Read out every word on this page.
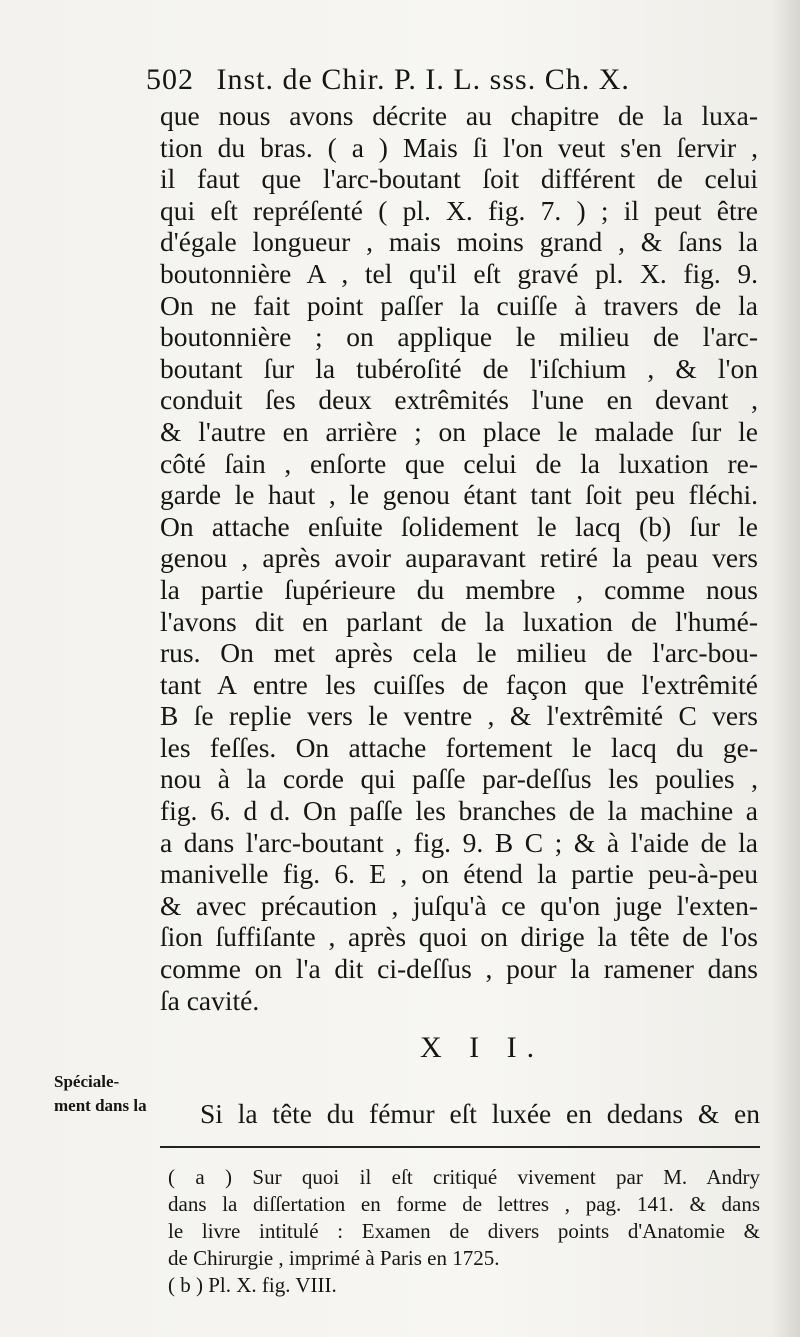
502 Inst. de Chir. P. I. L. sss. Ch. X.
que nous avons décrite au chapitre de la luxa-
tion du bras. ( a ) Mais ſi l'on veut s'en ſervir ,
il faut que l'arc-boutant ſoit différent de celui
qui eſt repréſenté ( pl. X. fig. 7. ) ; il peut être
d'égale longueur , mais moins grand , & ſans la
boutonnière A , tel qu'il eſt gravé pl. X. fig. 9.
On ne fait point paſſer la cuiſſe à travers de la
boutonnière ; on applique le milieu de l'arc-
boutant ſur la tubéroſité de l'iſchium , & l'on
conduit ſes deux extrêmités l'une en devant ,
& l'autre en arrière ; on place le malade ſur le
côté ſain , enſorte que celui de la luxation re-
garde le haut , le genou étant tant ſoit peu fléchi.
On attache enſuite ſolidement le lacq (b) ſur le
genou , après avoir auparavant retiré la peau vers
la partie ſupérieure du membre , comme nous
l'avons dit en parlant de la luxation de l'humé-
rus. On met après cela le milieu de l'arc-bou-
tant A entre les cuiſſes de façon que l'extrêmité
B ſe replie vers le ventre , & l'extrêmité C vers
les feſſes. On attache fortement le lacq du ge-
nou à la corde qui paſſe par-deſſus les poulies ,
fig. 6. d d. On paſſe les branches de la machine a
a dans l'arc-boutant , fig. 9. B C ; & à l'aide de la
manivelle fig. 6. E , on étend la partie peu-à-peu
& avec précaution , juſqu'à ce qu'on juge l'exten-
ſion ſuffiſante , après quoi on dirige la tête de l'os
comme on l'a dit ci-deſſus , pour la ramener dans
ſa cavité.
Spéciale-
ment dans la
X I I.
Si la tête du fémur eſt luxée en dedans & en
( a ) Sur quoi il eſt critiqué vivement par M. Andry
dans la diſſertation en forme de lettres , pag. 141. & dans
le livre intitulé : Examen de divers points d'Anatomie &
de Chirurgie , imprimé à Paris en 1725.
( b ) Pl. X. fig. VIII.
